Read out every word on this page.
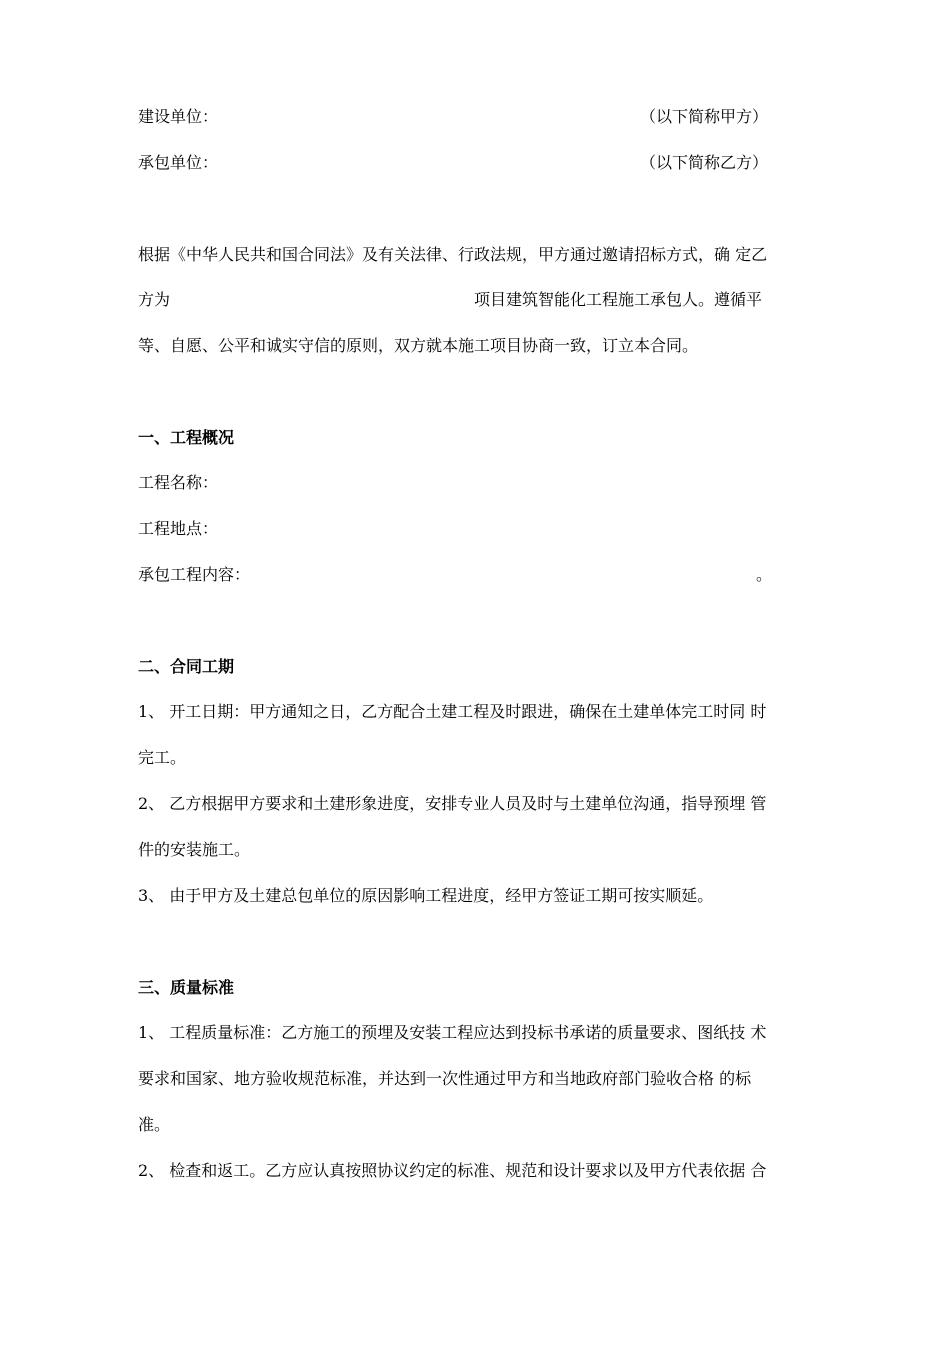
建设单位：	（以下简称甲方）
承包单位：	（以下简称乙方）
根据《中华人民共和国合同法》及有关法律、行政法规，甲方通过邀请招标方式，确 定乙
方为	项目建筑智能化工程施工承包人。遵循平
等、自愿、公平和诚实守信的原则，双方就本施工项目协商一致，订立本合同。
一、工程概况
工程名称：
工程地点：
承包工程内容：	。
二、合同工期
1、 开工日期：甲方通知之日，乙方配合土建工程及时跟进，确保在土建单体完工时同 时
完工。
2、 乙方根据甲方要求和土建形象进度，安排专业人员及时与土建单位沟通，指导预埋 管
件的安装施工。
3、 由于甲方及土建总包单位的原因影响工程进度，经甲方签证工期可按实顺延。
三、质量标准
1、 工程质量标准：乙方施工的预埋及安装工程应达到投标书承诺的质量要求、图纸技 术
要求和国家、地方验收规范标准，并达到一次性通过甲方和当地政府部门验收合格 的标
准。
2、 检查和返工。乙方应认真按照协议约定的标准、规范和设计要求以及甲方代表依据 合
